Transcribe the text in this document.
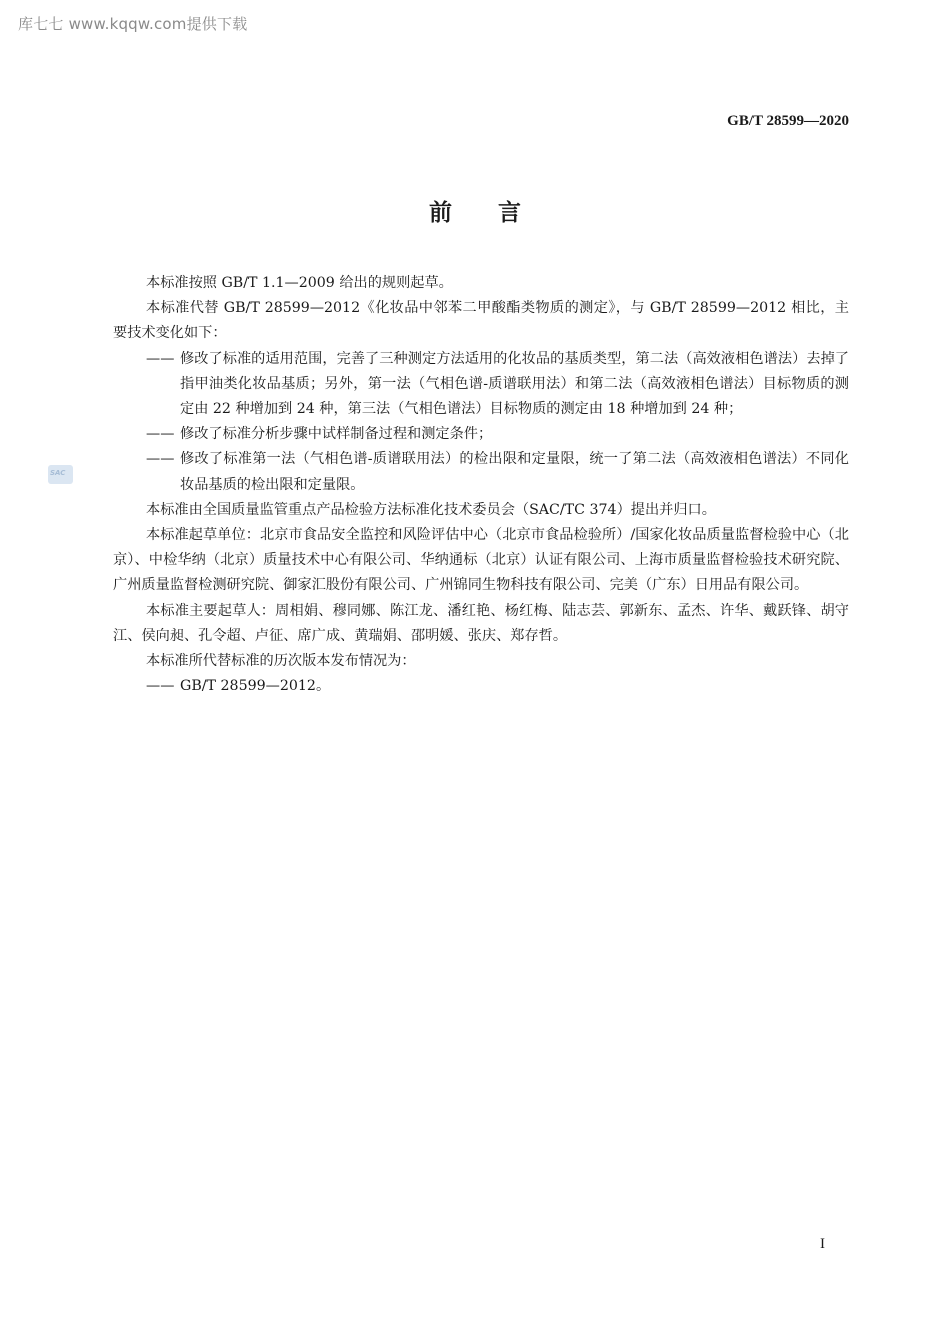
库七七 www.kqqw.com提供下载
GB/T 28599—2020
前言
SAC

本标准按照 GB/T 1.1—2009 给出的规则起草。

本标准代替 GB/T 28599—2012《化妆品中邻苯二甲酸酯类物质的测定》，与 GB/T 28599—2012 相比，主要技术变化如下：

—— 修改了标准的适用范围，完善了三种测定方法适用的化妆品的基质类型，第二法（高效液相色谱法）去掉了指甲油类化妆品基质；另外，第一法（气相色谱-质谱联用法）和第二法（高效液相色谱法）目标物质的测定由 22 种增加到 24 种，第三法（气相色谱法）目标物质的测定由 18 种增加到 24 种；

—— 修改了标准分析步骤中试样制备过程和测定条件；

—— 修改了标准第一法（气相色谱-质谱联用法）的检出限和定量限，统一了第二法（高效液相色谱法）不同化妆品基质的检出限和定量限。

本标准由全国质量监管重点产品检验方法标准化技术委员会（SAC/TC 374）提出并归口。

本标准起草单位：北京市食品安全监控和风险评估中心（北京市食品检验所）/国家化妆品质量监督检验中心（北京）、中检华纳（北京）质量技术中心有限公司、华纳通标（北京）认证有限公司、上海市质量监督检验技术研究院、广州质量监督检测研究院、御家汇股份有限公司、广州锦同生物科技有限公司、完美（广东）日用品有限公司。

本标准主要起草人：周相娟、穆同娜、陈江龙、潘红艳、杨红梅、陆志芸、郭新东、孟杰、许华、戴跃锋、胡守江、侯向昶、孔令超、卢征、席广成、黄瑞娟、邵明媛、张庆、郑存哲。

本标准所代替标准的历次版本发布情况为：

—— GB/T 28599—2012。

I
